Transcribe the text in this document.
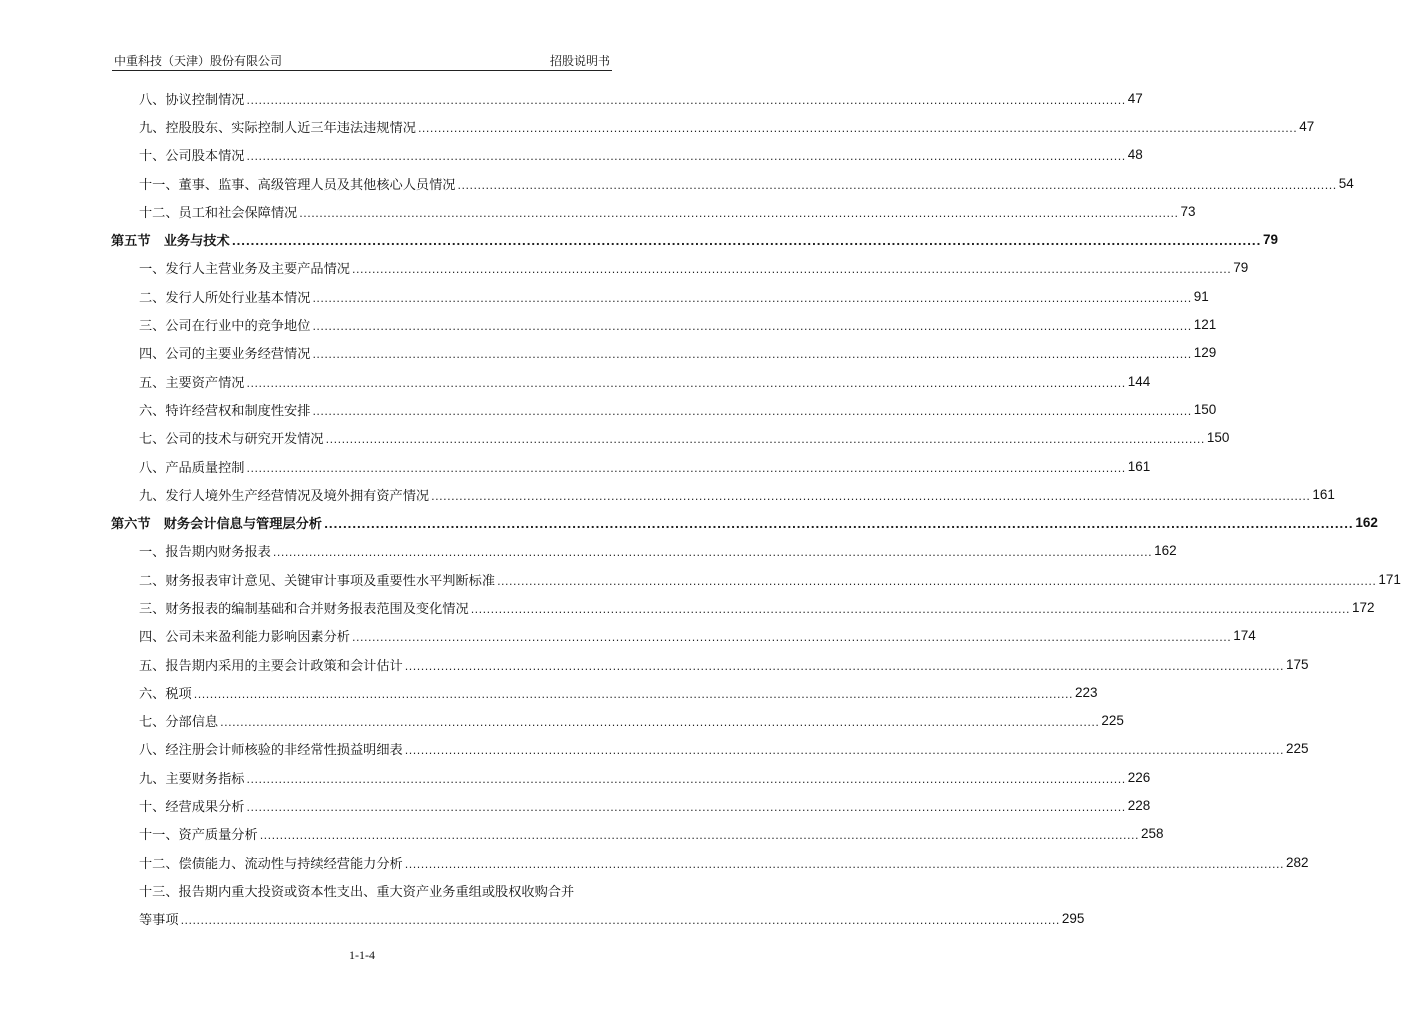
中重科技（天津）股份有限公司	招股说明书
八、协议控制情况 ............................................................................................................................................................................................................................ 47
九、控股股东、实际控制人近三年违法违规情况 ............................................................................................................................................................................................................................ 47
十、公司股本情况 ............................................................................................................................................................................................................................ 48
十一、董事、监事、高级管理人员及其他核心人员情况 ............................................................................................................................................................................................................................ 54
十二、员工和社会保障情况 ............................................................................................................................................................................................................................ 73
第五节　业务与技术 ............................................................................................................................................................................................................................ 79
一、发行人主营业务及主要产品情况 ............................................................................................................................................................................................................................ 79
二、发行人所处行业基本情况 ............................................................................................................................................................................................................................ 91
三、公司在行业中的竞争地位 ............................................................................................................................................................................................................................ 121
四、公司的主要业务经营情况 ............................................................................................................................................................................................................................ 129
五、主要资产情况 ............................................................................................................................................................................................................................ 144
六、特许经营权和制度性安排 ............................................................................................................................................................................................................................ 150
七、公司的技术与研究开发情况 ............................................................................................................................................................................................................................ 150
八、产品质量控制 ............................................................................................................................................................................................................................ 161
九、发行人境外生产经营情况及境外拥有资产情况 ............................................................................................................................................................................................................................ 161
第六节　财务会计信息与管理层分析 ............................................................................................................................................................................................................................ 162
一、报告期内财务报表 ............................................................................................................................................................................................................................ 162
二、财务报表审计意见、关键审计事项及重要性水平判断标准 ............................................................................................................................................................................................................................ 171
三、财务报表的编制基础和合并财务报表范围及变化情况 ............................................................................................................................................................................................................................ 172
四、公司未来盈利能力影响因素分析 ............................................................................................................................................................................................................................ 174
五、报告期内采用的主要会计政策和会计估计 ............................................................................................................................................................................................................................ 175
六、税项 ............................................................................................................................................................................................................................ 223
七、分部信息 ............................................................................................................................................................................................................................ 225
八、经注册会计师核验的非经常性损益明细表 ............................................................................................................................................................................................................................ 225
九、主要财务指标 ............................................................................................................................................................................................................................ 226
十、经营成果分析 ............................................................................................................................................................................................................................ 228
十一、资产质量分析 ............................................................................................................................................................................................................................ 258
十二、偿债能力、流动性与持续经营能力分析 ............................................................................................................................................................................................................................ 282
十三、报告期内重大投资或资本性支出、重大资产业务重组或股权收购合并
等事项 ............................................................................................................................................................................................................................ 295
1-1-4
